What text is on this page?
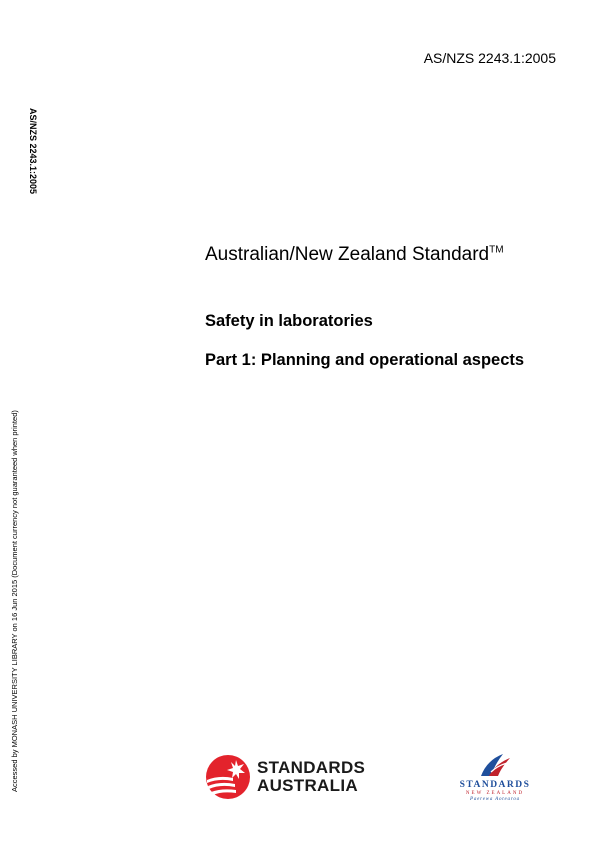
AS/NZS 2243.1:2005
AS/NZS 2243.1:2005
Accessed by MONASH UNIVERSITY LIBRARY on 16 Jun 2015 (Document currency not guaranteed when printed)
Australian/New Zealand Standard™
Safety in laboratories
Part 1: Planning and operational aspects
STANDARDS
AUSTRALIA	STANDARDS
NEW ZEALAND
Paerewa Aotearoa
